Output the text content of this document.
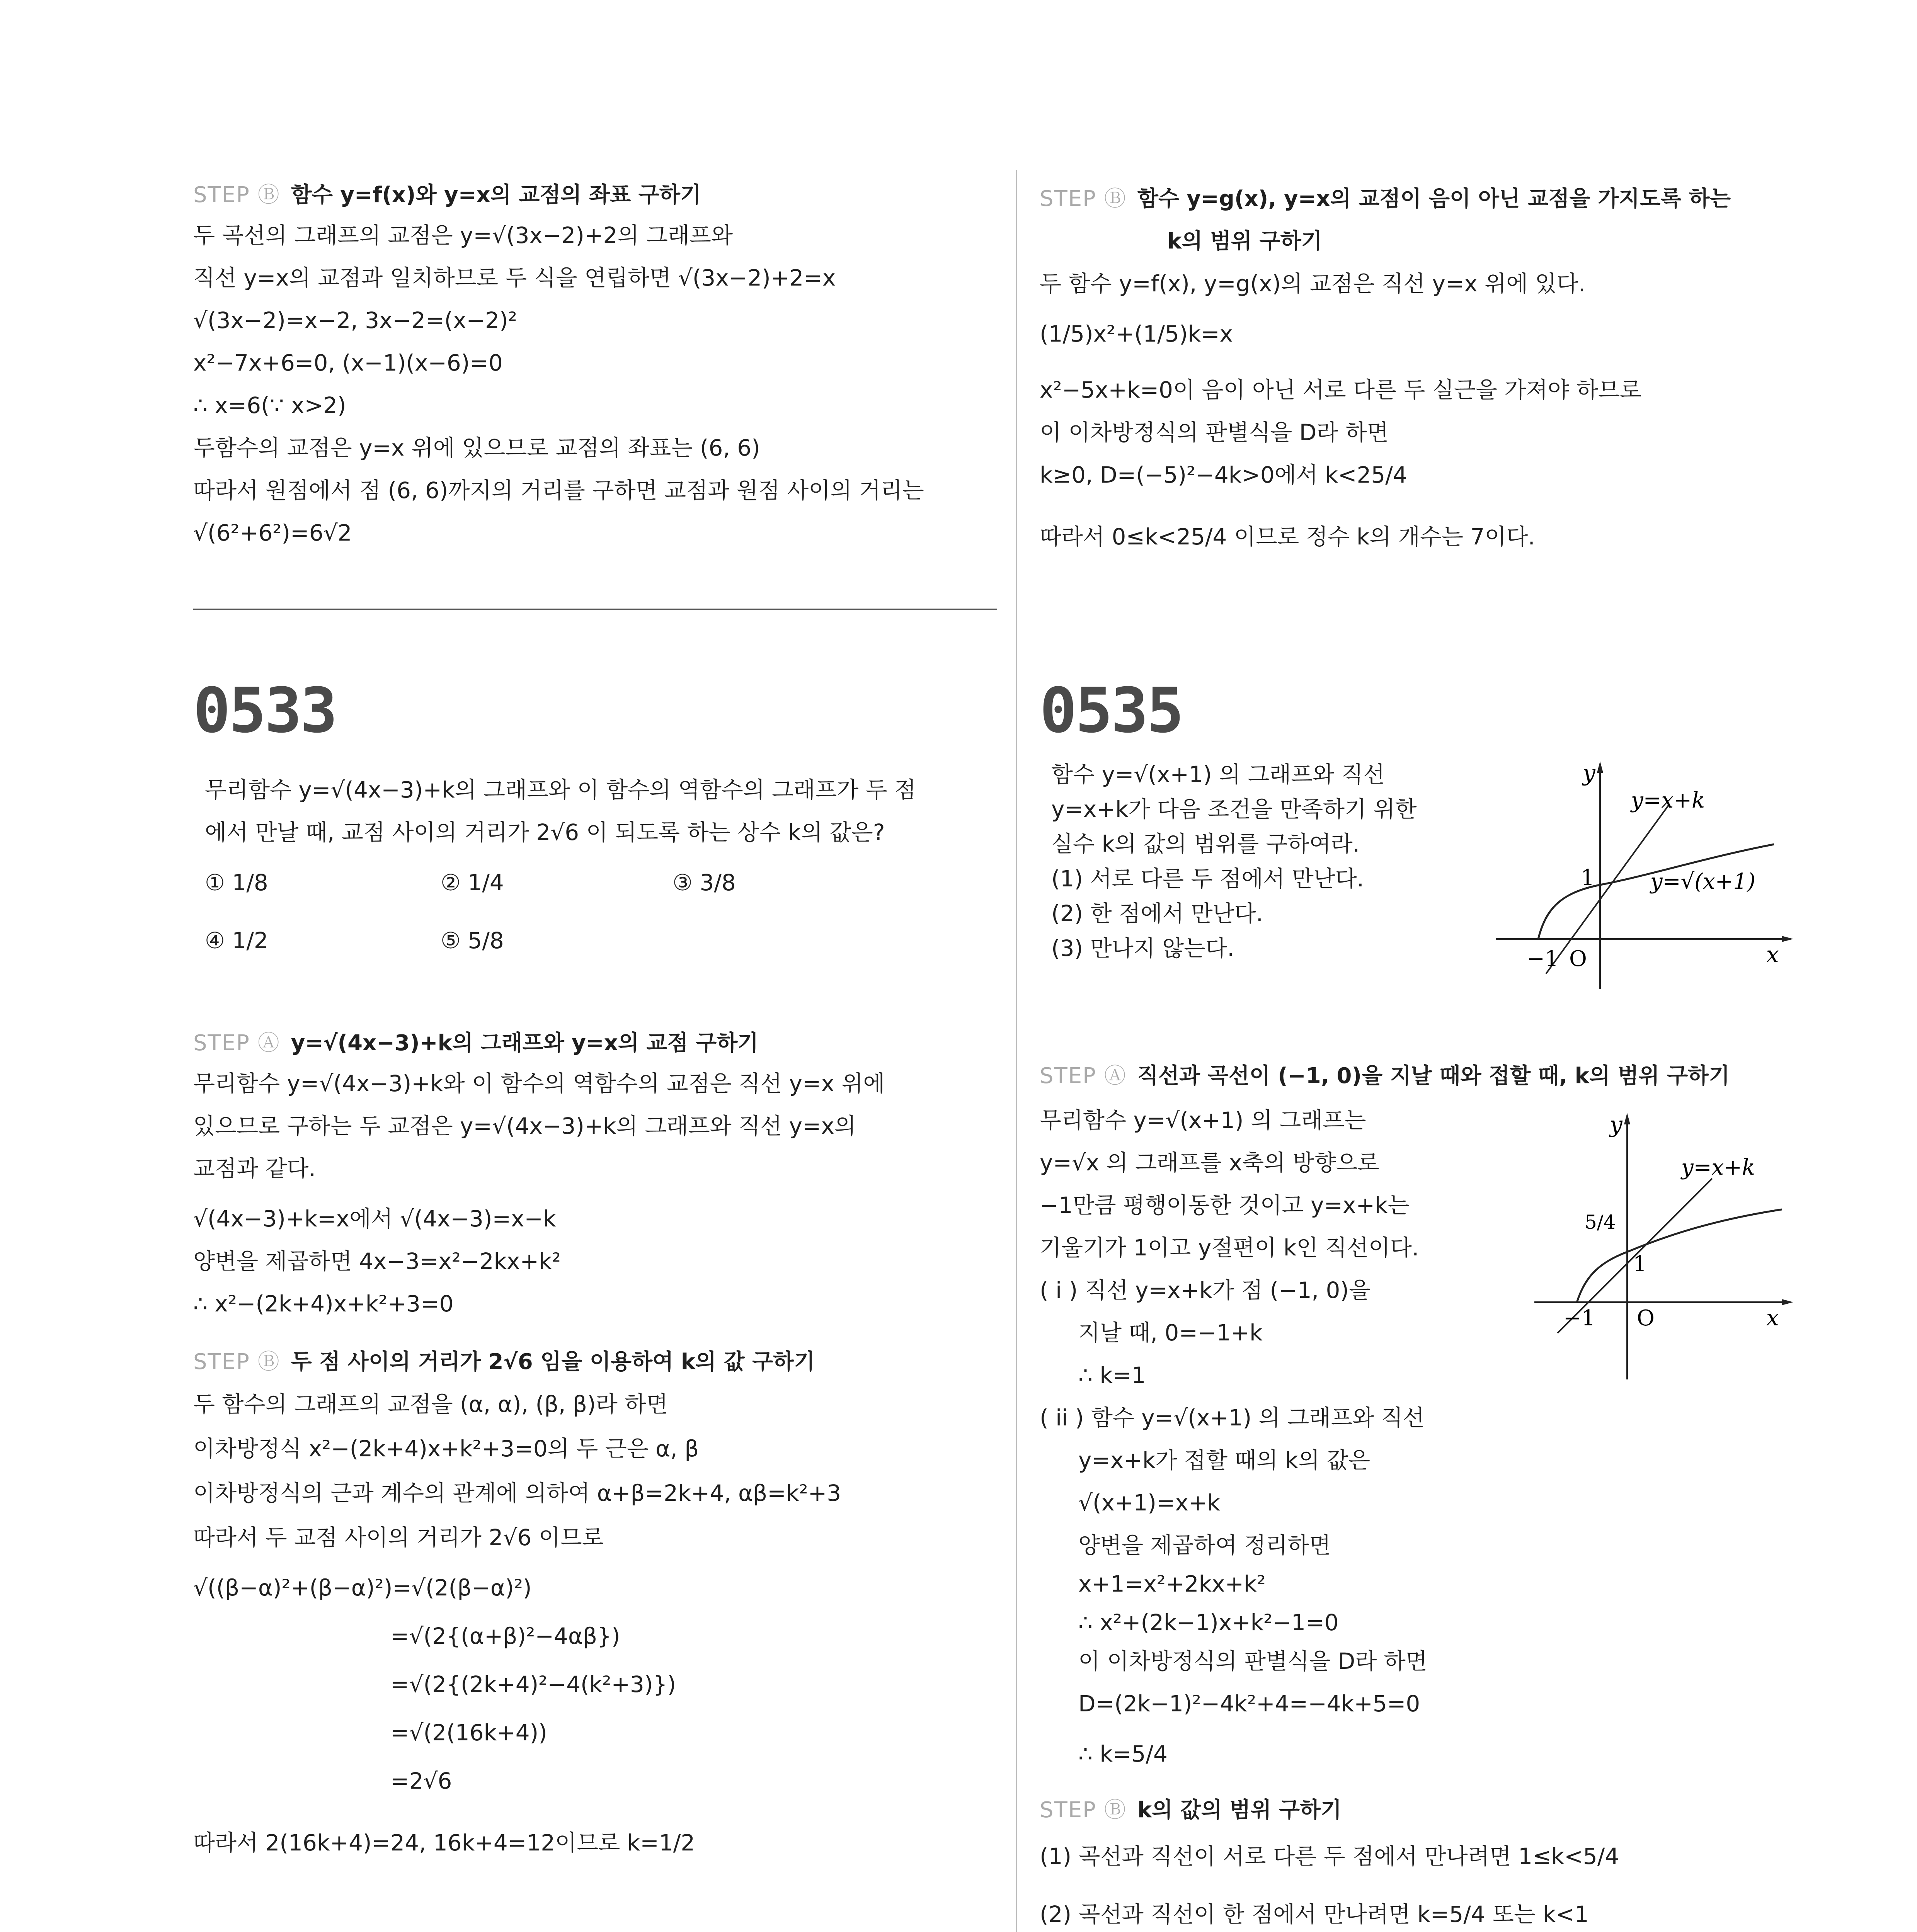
STEP Ⓑ 함수 y=f(x)와 y=x의 교점의 좌표 구하기
두 곡선의 그래프의 교점은 y=√(3x−2)+2의 그래프와
직선 y=x의 교점과 일치하므로 두 식을 연립하면 √(3x−2)+2=x
√(3x−2)=x−2, 3x−2=(x−2)²
x²−7x+6=0, (x−1)(x−6)=0
∴ x=6(∵ x>2)
두함수의 교점은 y=x 위에 있으므로 교점의 좌표는 (6, 6)
따라서 원점에서 점 (6, 6)까지의 거리를 구하면 교점과 원점 사이의 거리는
√(6²+6²)=6√2
0533
무리함수 y=√(4x−3)+k의 그래프와 이 함수의 역함수의 그래프가 두 점
에서 만날 때, 교점 사이의 거리가 2√6 이 되도록 하는 상수 k의 값은?
① 1/8	② 1/4	③ 3/8
④ 1/2	⑤ 5/8
STEP Ⓐ y=√(4x−3)+k의 그래프와 y=x의 교점 구하기
무리함수 y=√(4x−3)+k와 이 함수의 역함수의 교점은 직선 y=x 위에
있으므로 구하는 두 교점은 y=√(4x−3)+k의 그래프와 직선 y=x의
교점과 같다.
√(4x−3)+k=x에서 √(4x−3)=x−k
양변을 제곱하면 4x−3=x²−2kx+k²
∴ x²−(2k+4)x+k²+3=0
STEP Ⓑ 두 점 사이의 거리가 2√6 임을 이용하여 k의 값 구하기
두 함수의 그래프의 교점을 (α, α), (β, β)라 하면
이차방정식 x²−(2k+4)x+k²+3=0의 두 근은 α, β
이차방정식의 근과 계수의 관계에 의하여 α+β=2k+4, αβ=k²+3
따라서 두 교점 사이의 거리가 2√6 이므로
√((β−α)²+(β−α)²)=√(2(β−α)²)
=√(2{(α+β)²−4αβ})
=√(2{(2k+4)²−4(k²+3)})
=√(2(16k+4))
=2√6
따라서 2(16k+4)=24, 16k+4=12이므로 k=1/2
STEP Ⓑ 함수 y=g(x), y=x의 교점이 음이 아닌 교점을 가지도록 하는
k의 범위 구하기
두 함수 y=f(x), y=g(x)의 교점은 직선 y=x 위에 있다.
(1/5)x²+(1/5)k=x
x²−5x+k=0이 음이 아닌 서로 다른 두 실근을 가져야 하므로
이 이차방정식의 판별식을 D라 하면
k≥0, D=(−5)²−4k>0에서 k<25/4
따라서 0≤k<25/4 이므로 정수 k의 개수는 7이다.
0535
함수 y=√(x+1) 의 그래프와 직선
y=x+k가 다음 조건을 만족하기 위한
실수 k의 값의 범위를 구하여라.
(1) 서로 다른 두 점에서 만난다.
(2) 한 점에서 만난다.
(3) 만나지 않는다.
y
x
y=x+k
y=√(x+1)
1
−1 O
STEP Ⓐ 직선과 곡선이 (−1, 0)을 지날 때와 접할 때, k의 범위 구하기
무리함수 y=√(x+1) 의 그래프는
y=√x 의 그래프를 x축의 방향으로
−1만큼 평행이동한 것이고 y=x+k는
기울기가 1이고 y절편이 k인 직선이다.
( i ) 직선 y=x+k가 점 (−1, 0)을
지날 때, 0=−1+k
∴ k=1
( ii ) 함수 y=√(x+1) 의 그래프와 직선
y=x+k가 접할 때의 k의 값은
√(x+1)=x+k
양변을 제곱하여 정리하면
x+1=x²+2kx+k²
∴ x²+(2k−1)x+k²−1=0
이 이차방정식의 판별식을 D라 하면
D=(2k−1)²−4k²+4=−4k+5=0
∴ k=5/4
y
x
y=x+k
5/4
1
−1 O
STEP Ⓑ k의 값의 범위 구하기
(1) 곡선과 직선이 서로 다른 두 점에서 만나려면 1≤k<5/4
(2) 곡선과 직선이 한 점에서 만나려면 k=5/4 또는 k<1
